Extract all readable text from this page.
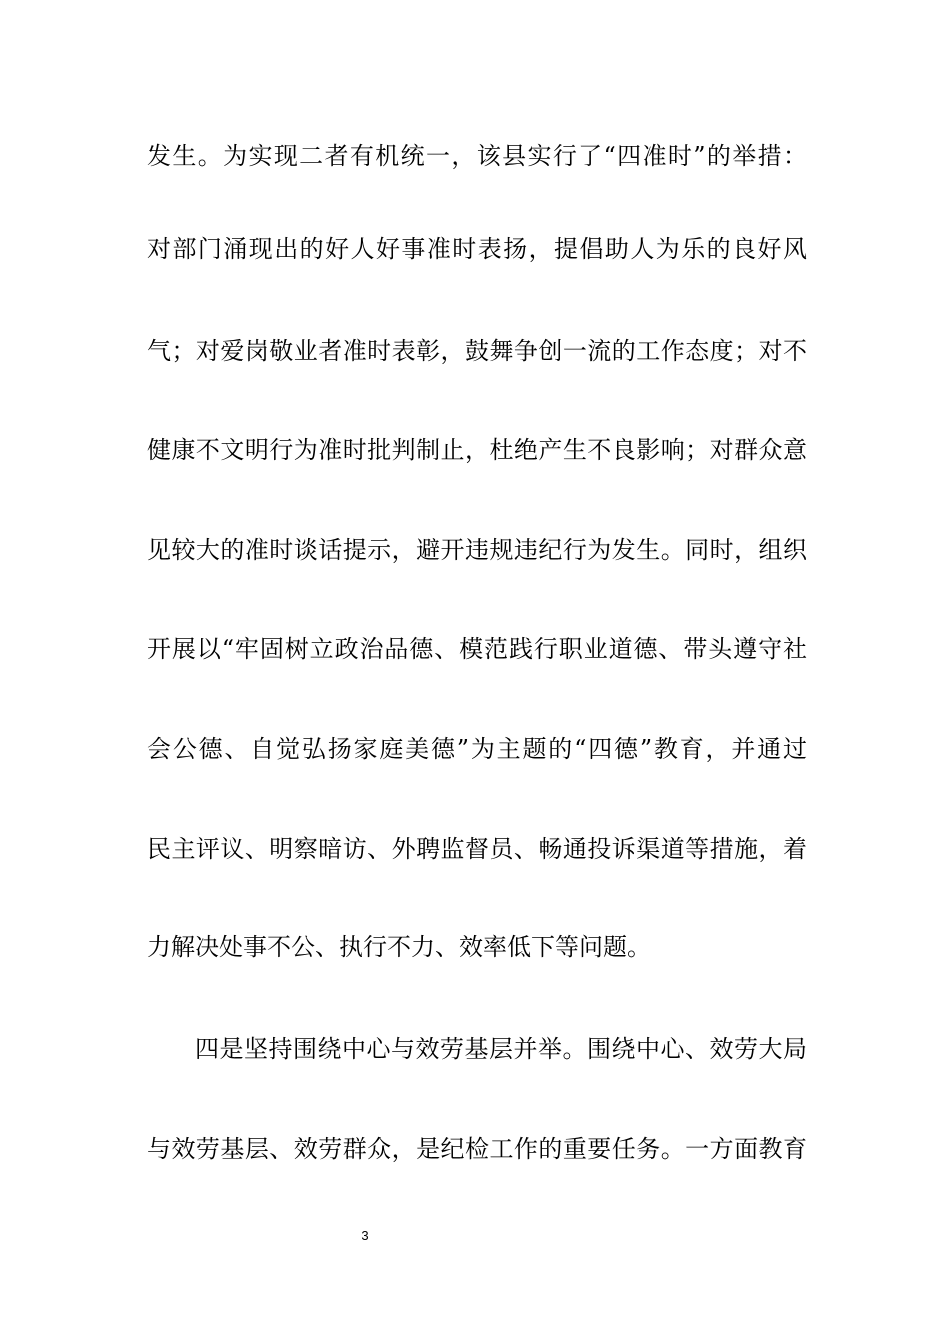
发生。为实现二者有机统一，该县实行了“四准时”的举措：
对部门涌现出的好人好事准时表扬，提倡助人为乐的良好风
气；对爱岗敬业者准时表彰，鼓舞争创一流的工作态度；对不
健康不文明行为准时批判制止，杜绝产生不良影响；对群众意
见较大的准时谈话提示，避开违规违纪行为发生。同时，组织
开展以“牢固树立政治品德、模范践行职业道德、带头遵守社
会公德、自觉弘扬家庭美德”为主题的“四德”教育，并通过
民主评议、明察暗访、外聘监督员、畅通投诉渠道等措施，着
力解决处事不公、执行不力、效率低下等问题。
四是坚持围绕中心与效劳基层并举。围绕中心、效劳大局
与效劳基层、效劳群众，是纪检工作的重要任务。一方面教育
3
